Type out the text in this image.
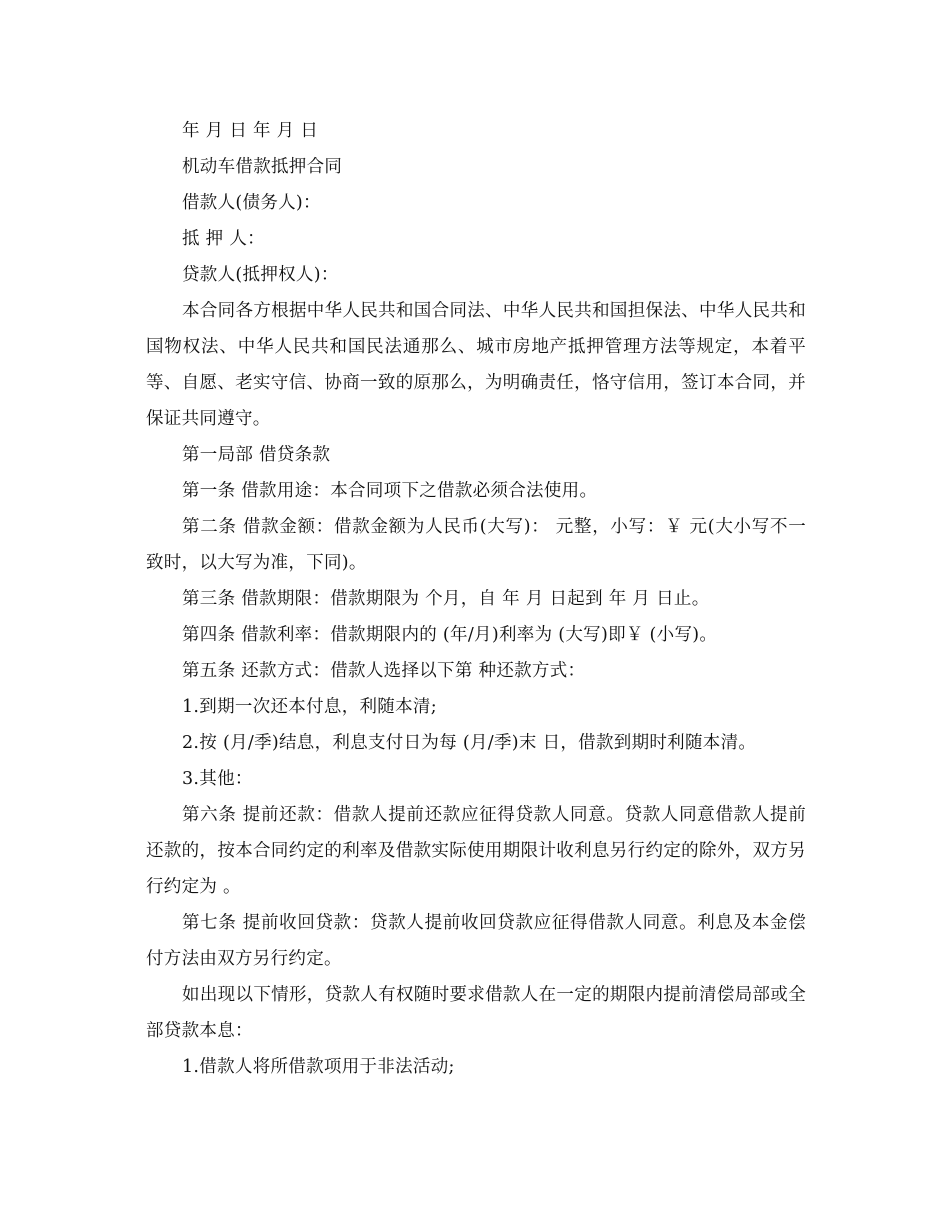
年 月 日 年 月 日

机动车借款抵押合同

借款人(债务人)：

抵 押 人：

贷款人(抵押权人)：

本合同各方根据中华人民共和国合同法、中华人民共和国担保法、中华人民共和国物权法、中华人民共和国民法通那么、城市房地产抵押管理方法等规定，本着平等、自愿、老实守信、协商一致的原那么，为明确责任，恪守信用，签订本合同，并保证共同遵守。

第一局部 借贷条款

第一条 借款用途：本合同项下之借款必须合法使用。

第二条 借款金额：借款金额为人民币(大写)： 元整，小写：￥ 元(大小写不一致时，以大写为准，下同)。

第三条 借款期限：借款期限为 个月，自 年 月 日起到 年 月 日止。

第四条 借款利率：借款期限内的 (年/月)利率为 (大写)即￥ (小写)。

第五条 还款方式：借款人选择以下第 种还款方式：

1.到期一次还本付息，利随本清;

2.按 (月/季)结息，利息支付日为每 (月/季)末 日，借款到期时利随本清。

3.其他：

第六条 提前还款：借款人提前还款应征得贷款人同意。贷款人同意借款人提前还款的，按本合同约定的利率及借款实际使用期限计收利息另行约定的除外，双方另行约定为 。

第七条 提前收回贷款：贷款人提前收回贷款应征得借款人同意。利息及本金偿付方法由双方另行约定。

如出现以下情形，贷款人有权随时要求借款人在一定的期限内提前清偿局部或全部贷款本息：

1.借款人将所借款项用于非法活动;
